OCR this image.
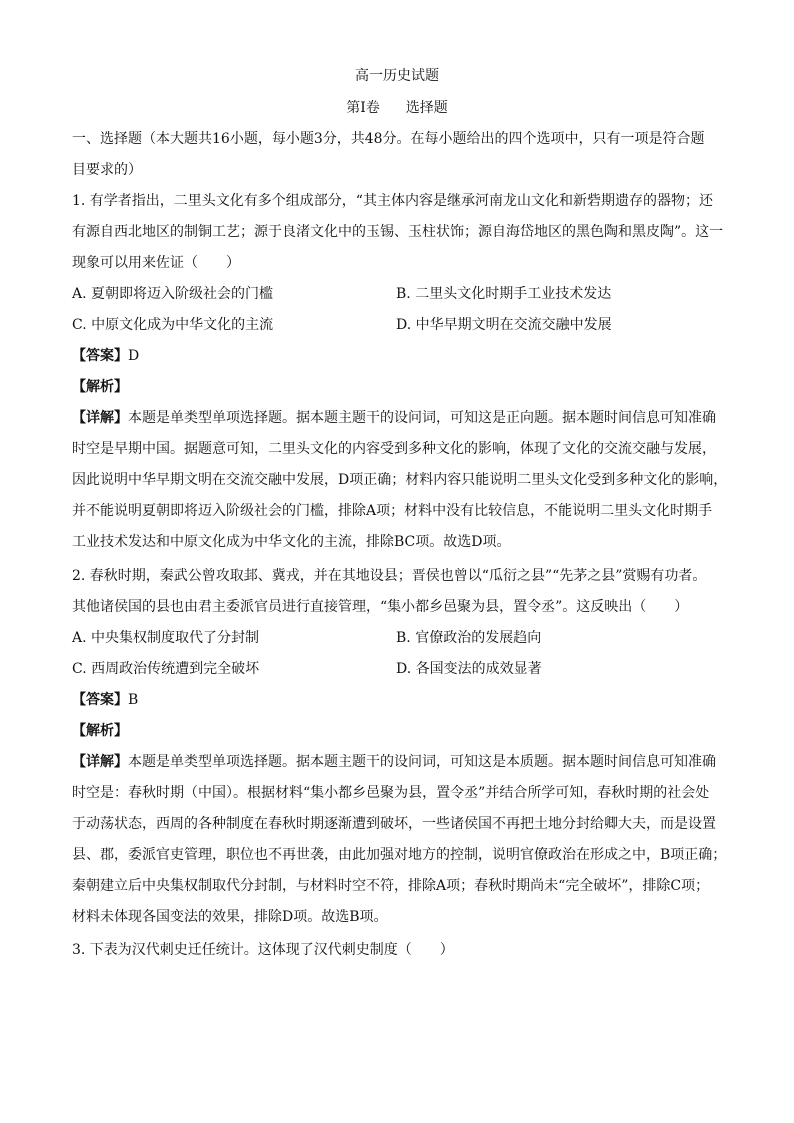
高一历史试题
第Ⅰ卷 选择题
一、选择题（本大题共16小题，每小题3分，共48分。在每小题给出的四个选项中，只有一项是符合题
目要求的）
1. 有学者指出，二里头文化有多个组成部分，“其主体内容是继承河南龙山文化和新砦期遗存的器物；还
有源自西北地区的制铜工艺；源于良渚文化中的玉锡、玉柱状饰；源自海岱地区的黑色陶和黑皮陶”。这一
现象可以用来佐证（　　）
A. 夏朝即将迈入阶级社会的门槛	B. 二里头文化时期手工业技术发达
C. 中原文化成为中华文化的主流	D. 中华早期文明在交流交融中发展
【答案】D
【解析】
【详解】本题是单类型单项选择题。据本题主题干的设问词，可知这是正向题。据本题时间信息可知准确
时空是早期中国。据题意可知，二里头文化的内容受到多种文化的影响，体现了文化的交流交融与发展，
因此说明中华早期文明在交流交融中发展，D项正确；材料内容只能说明二里头文化受到多种文化的影响，
并不能说明夏朝即将迈入阶级社会的门槛，排除A项；材料中没有比较信息，不能说明二里头文化时期手
工业技术发达和中原文化成为中华文化的主流，排除BC项。故选D项。
2. 春秋时期，秦武公曾攻取邽、冀戎，并在其地设县；晋侯也曾以“瓜衍之县”“先茅之县”赏赐有功者。
其他诸侯国的县也由君主委派官员进行直接管理，“集小都乡邑聚为县，置令丞”。这反映出（　　）
A. 中央集权制度取代了分封制	B. 官僚政治的发展趋向
C. 西周政治传统遭到完全破坏	D. 各国变法的成效显著
【答案】B
【解析】
【详解】本题是单类型单项选择题。据本题主题干的设问词，可知这是本质题。据本题时间信息可知准确
时空是：春秋时期（中国）。根据材料“集小都乡邑聚为县，置令丞”并结合所学可知，春秋时期的社会处
于动荡状态，西周的各种制度在春秋时期逐渐遭到破坏，一些诸侯国不再把土地分封给卿大夫，而是设置
县、郡，委派官吏管理，职位也不再世袭，由此加强对地方的控制，说明官僚政治在形成之中，B项正确；
秦朝建立后中央集权制取代分封制，与材料时空不符，排除A项；春秋时期尚未“完全破坏”，排除C项；
材料未体现各国变法的效果，排除D项。故选B项。
3. 下表为汉代刺史迁任统计。这体现了汉代刺史制度（　　）
